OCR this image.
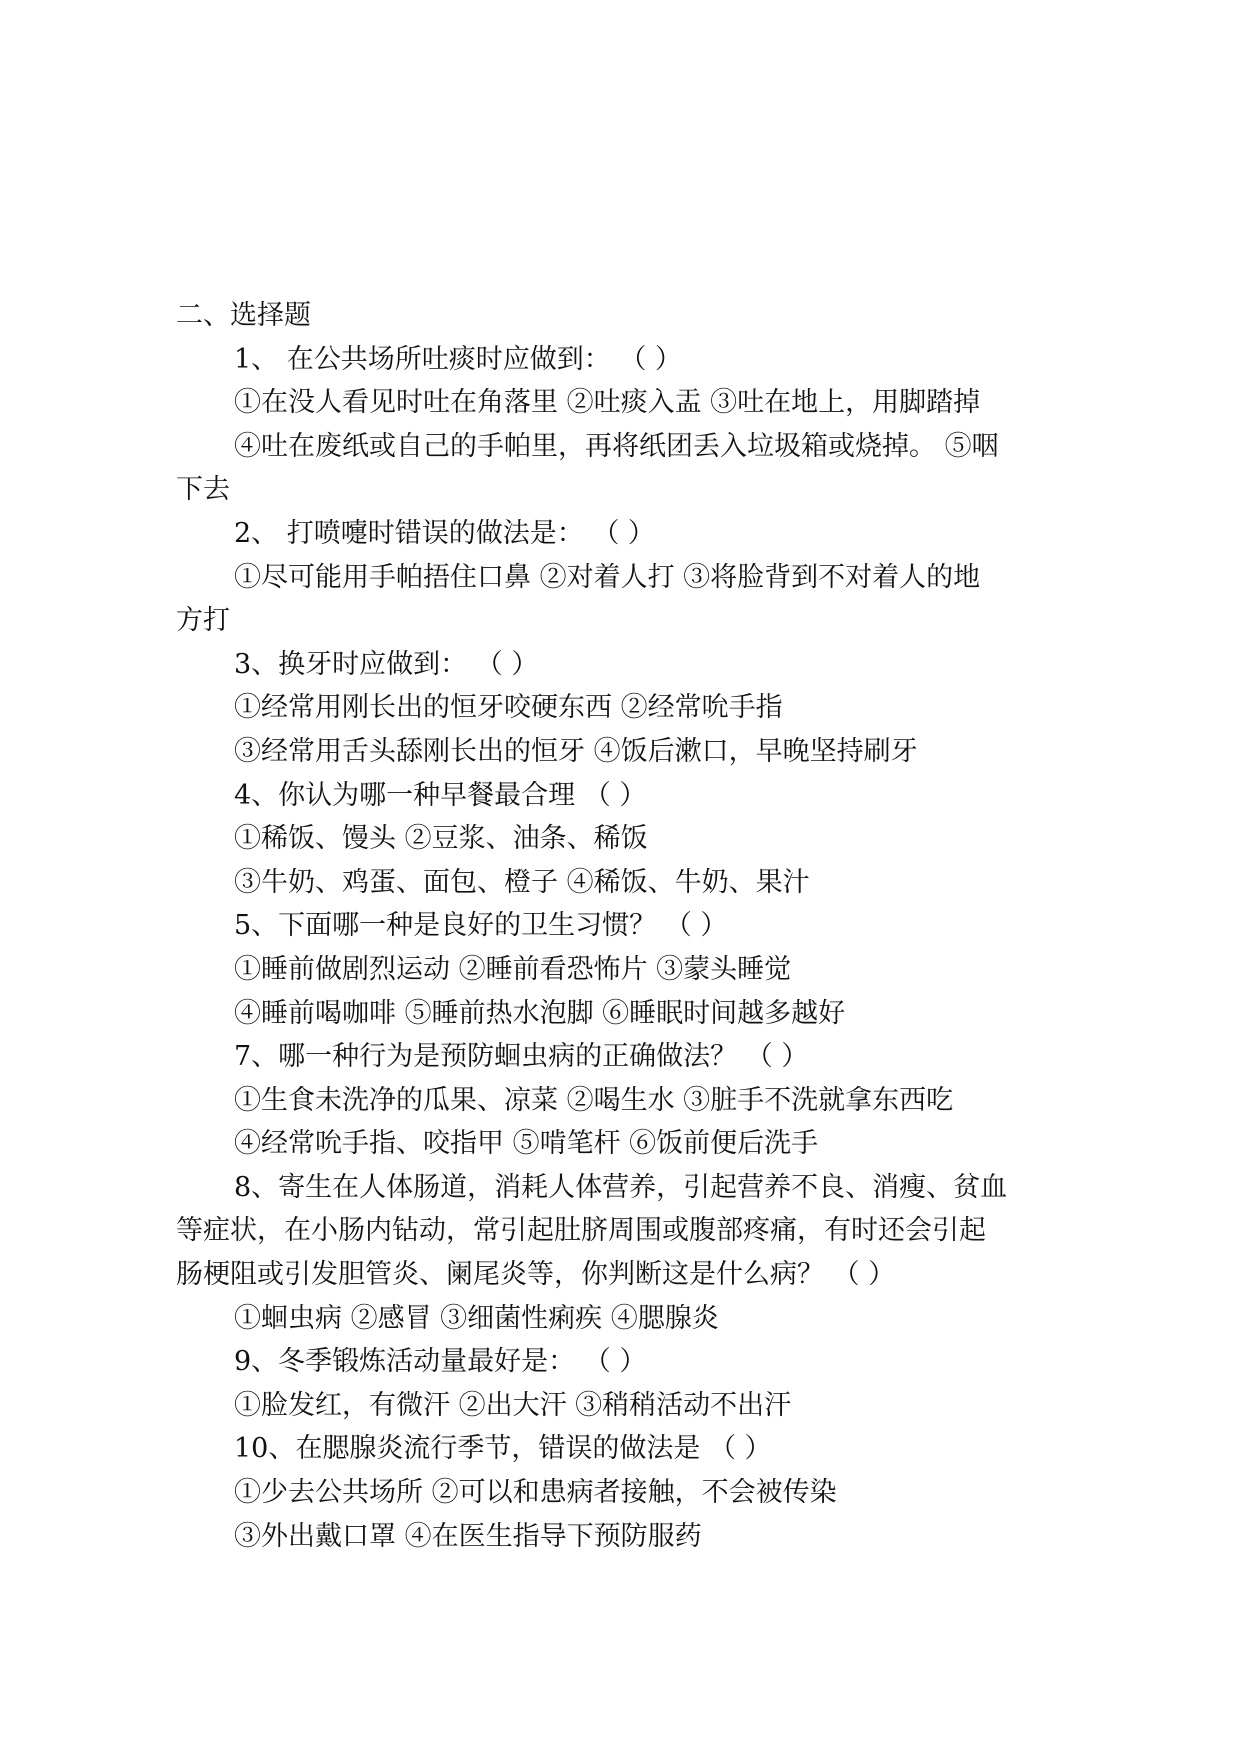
二、选择题
1、 在公共场所吐痰时应做到： （ ）
①在没人看见时吐在角落里 ②吐痰入盂 ③吐在地上，用脚踏掉
④吐在废纸或自己的手帕里，再将纸团丢入垃圾箱或烧掉。 ⑤咽
下去
2、 打喷嚏时错误的做法是： （ ）
①尽可能用手帕捂住口鼻 ②对着人打 ③将脸背到不对着人的地
方打
3、换牙时应做到： （ ）
①经常用刚长出的恒牙咬硬东西 ②经常吮手指
③经常用舌头舔刚长出的恒牙 ④饭后漱口，早晚坚持刷牙
4、你认为哪一种早餐最合理 （ ）
①稀饭、馒头 ②豆浆、油条、稀饭
③牛奶、鸡蛋、面包、橙子 ④稀饭、牛奶、果汁
5、下面哪一种是良好的卫生习惯？ （ ）
①睡前做剧烈运动 ②睡前看恐怖片 ③蒙头睡觉
④睡前喝咖啡 ⑤睡前热水泡脚 ⑥睡眠时间越多越好
7、哪一种行为是预防蛔虫病的正确做法？ （ ）
①生食未洗净的瓜果、凉菜 ②喝生水 ③脏手不洗就拿东西吃
④经常吮手指、咬指甲 ⑤啃笔杆 ⑥饭前便后洗手
8、寄生在人体肠道，消耗人体营养，引起营养不良、消瘦、贫血
等症状，在小肠内钻动，常引起肚脐周围或腹部疼痛，有时还会引起
肠梗阻或引发胆管炎、阑尾炎等，你判断这是什么病？ （ ）
①蛔虫病 ②感冒 ③细菌性痢疾 ④腮腺炎
9、冬季锻炼活动量最好是： （ ）
①脸发红，有微汗 ②出大汗 ③稍稍活动不出汗
10、在腮腺炎流行季节，错误的做法是 （ ）
①少去公共场所 ②可以和患病者接触，不会被传染
③外出戴口罩 ④在医生指导下预防服药
